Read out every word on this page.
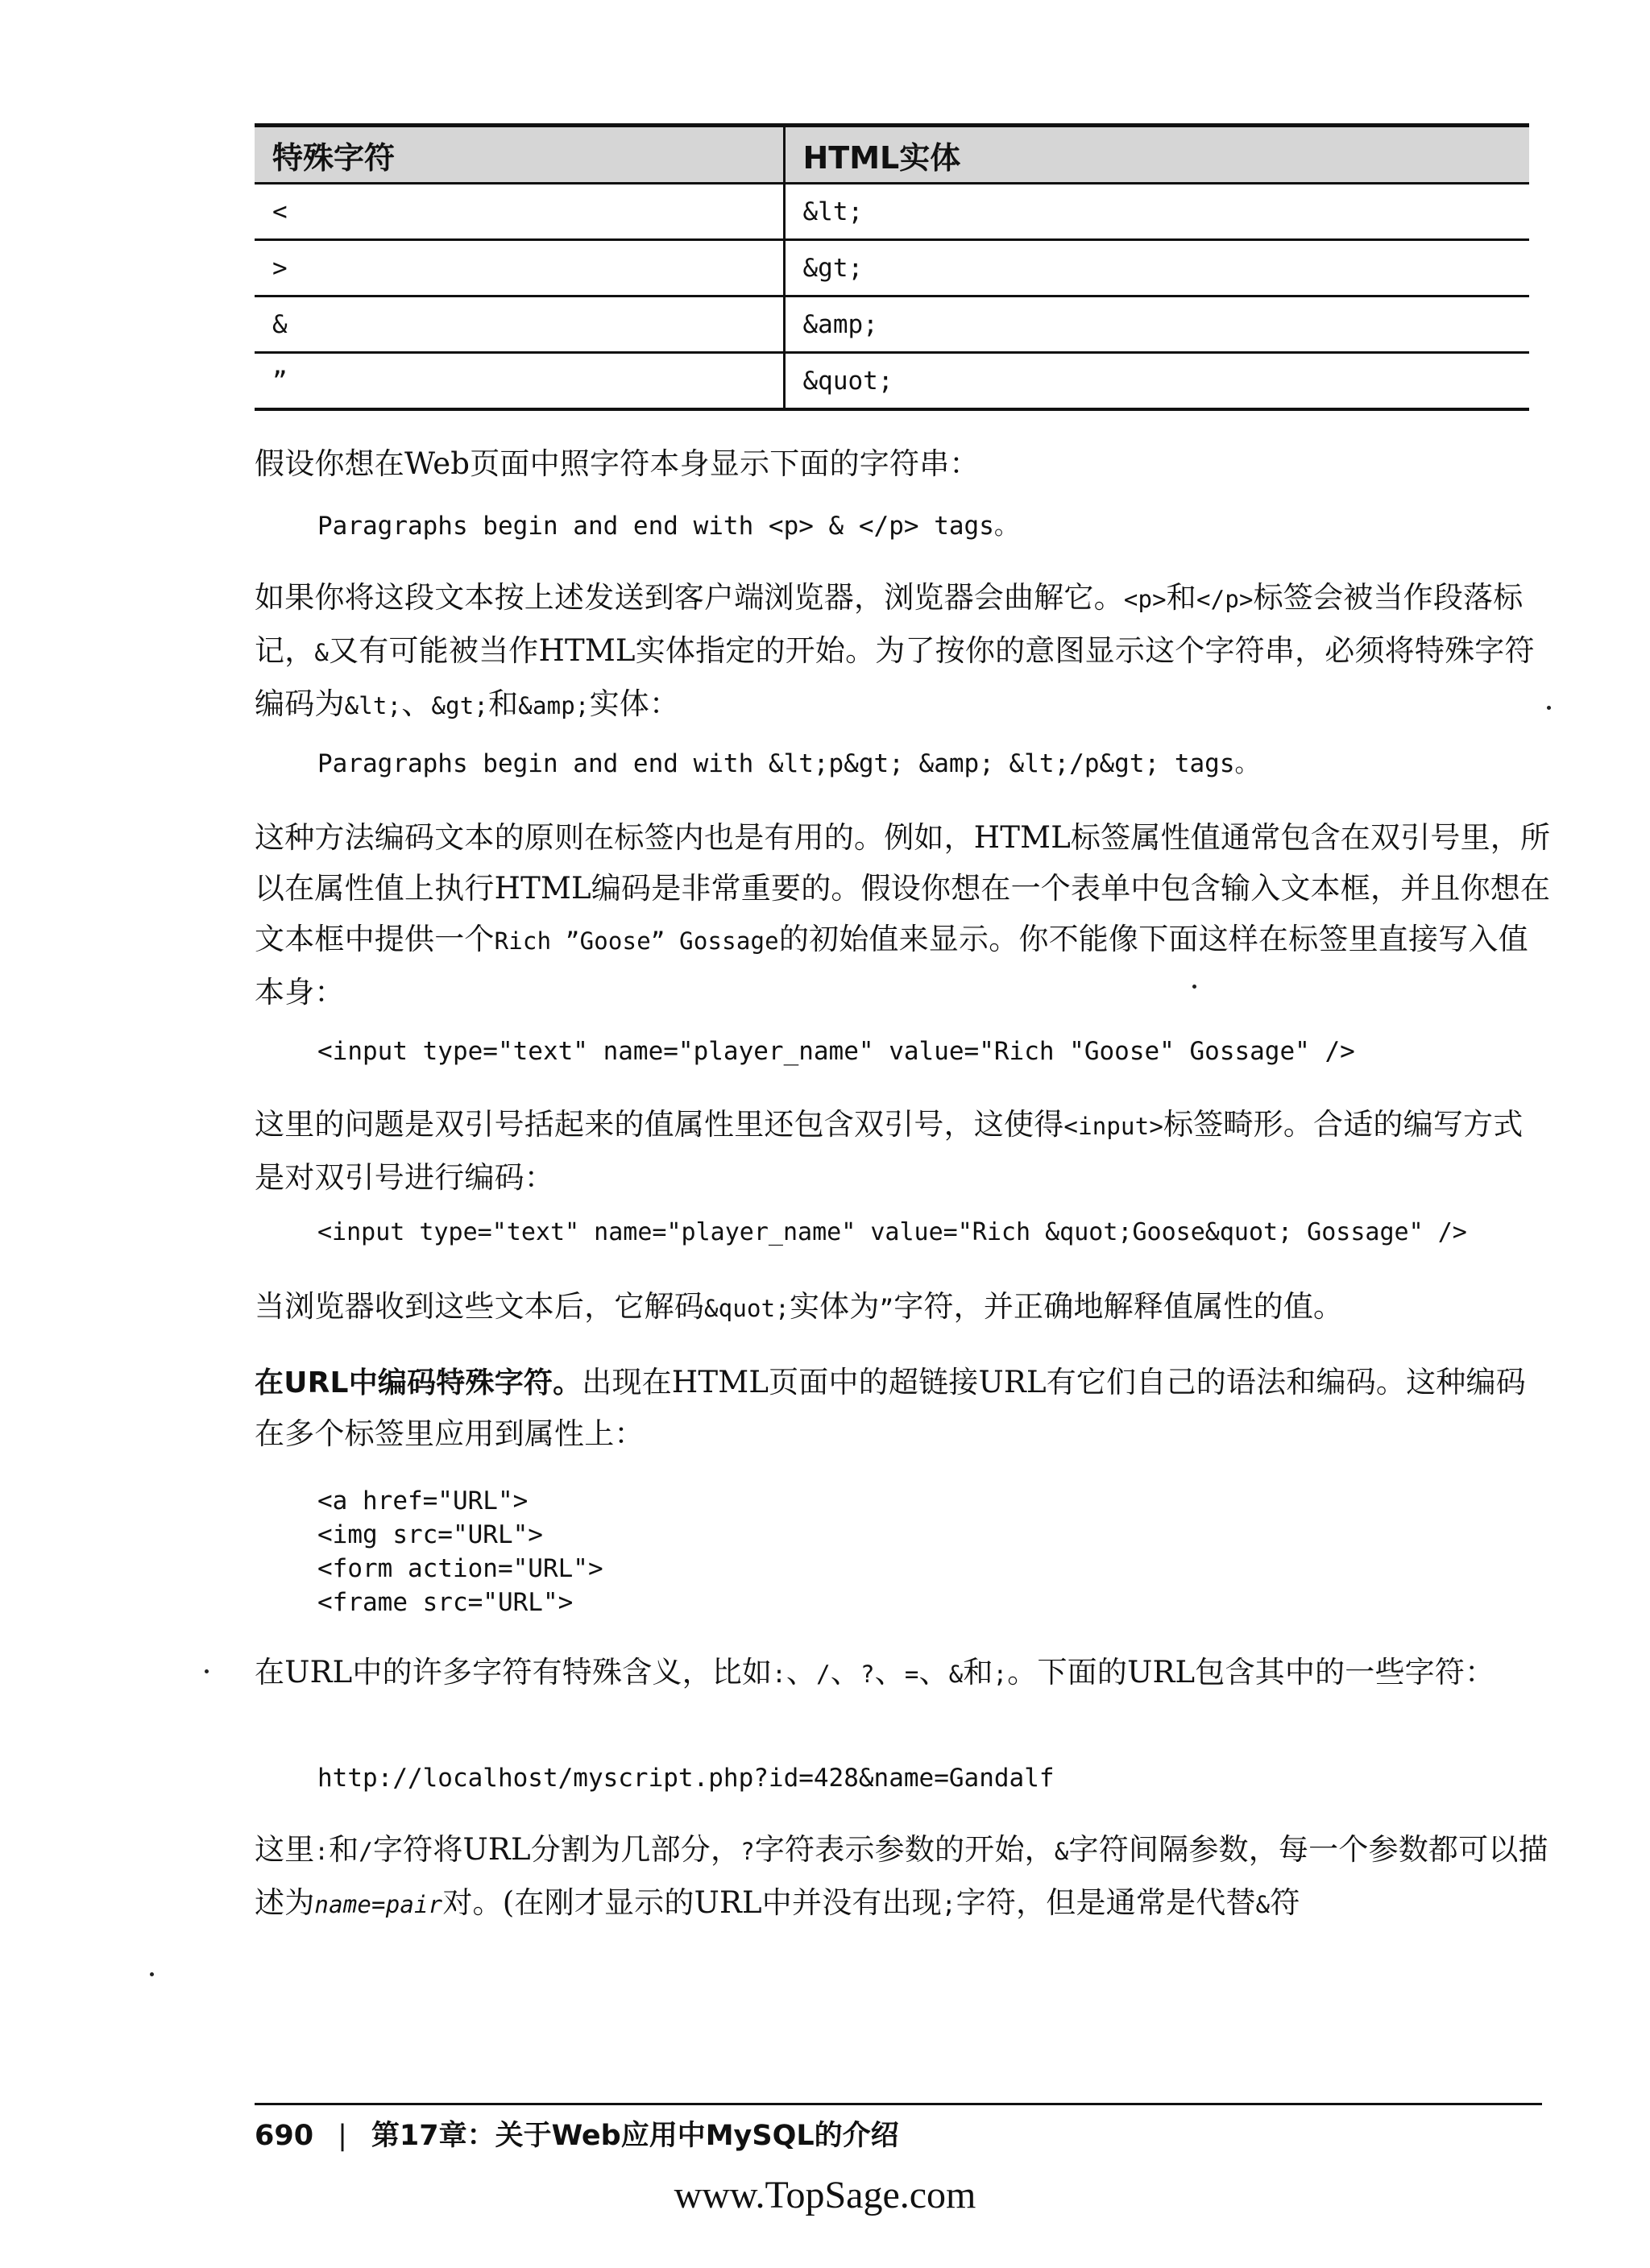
特殊字符	HTML实体
<	&lt;
>	&gt;
&	&amp;
”	&quot;

假设你想在Web页面中照字符本身显示下面的字符串：

Paragraphs begin and end with <p> & </p> tags。

如果你将这段文本按上述发送到客户端浏览器，浏览器会曲解它。<p>和</p>标签会被当作段落标记，&又有可能被当作HTML实体指定的开始。为了按你的意图显示这个字符串，必须将特殊字符编码为&lt;、&gt;和&amp;实体：

Paragraphs begin and end with &lt;p&gt; &amp; &lt;/p&gt; tags。

这种方法编码文本的原则在标签内也是有用的。例如，HTML标签属性值通常包含在双引号里，所以在属性值上执行HTML编码是非常重要的。假设你想在一个表单中包含输入文本框，并且你想在文本框中提供一个Rich ”Goose” Gossage的初始值来显示。你不能像下面这样在标签里直接写入值本身：

<input type="text" name="player_name" value="Rich "Goose" Gossage" />

这里的问题是双引号括起来的值属性里还包含双引号，这使得<input>标签畸形。合适的编写方式是对双引号进行编码：

<input type="text" name="player_name" value="Rich &quot;Goose&quot; Gossage" />

当浏览器收到这些文本后，它解码&quot;实体为”字符，并正确地解释值属性的值。

在URL中编码特殊字符。出现在HTML页面中的超链接URL有它们自己的语法和编码。这种编码在多个标签里应用到属性上：

<a href="URL">
<img src="URL">
<form action="URL">
<frame src="URL">

在URL中的许多字符有特殊含义，比如:、/、?、=、&和;。下面的URL包含其中的一些字符：

http://localhost/myscript.php?id=428&name=Gandalf

这里:和/字符将URL分割为几部分，?字符表示参数的开始，&字符间隔参数，每一个参数都可以描述为name=pair对。(在刚才显示的URL中并没有出现;字符，但是通常是代替&符

690 | 第17章：关于Web应用中MySQL的介绍
www.TopSage.com
